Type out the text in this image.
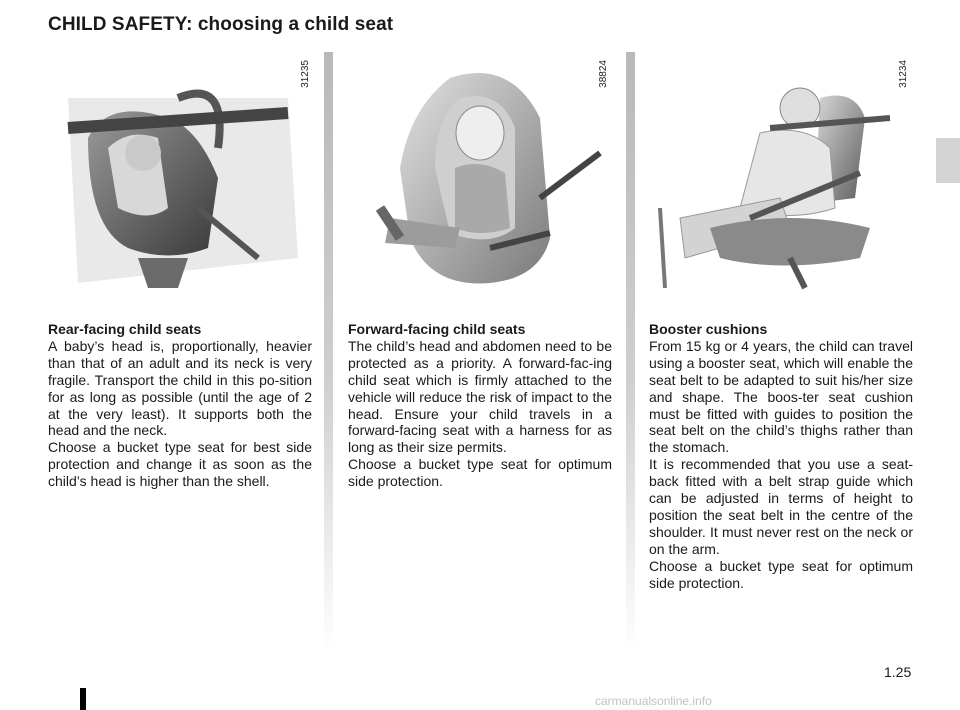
CHILD SAFETY: choosing a child seat
31235	38824	31234
Rear-facing child seats

A baby’s head is, proportionally, heavier than that of an adult and its neck is very fragile. Transport the child in this po-sition for as long as possible (until the age of 2 at the very least). It supports both the head and the neck.

Choose a bucket type seat for best side protection and change it as soon as the child’s head is higher than the shell.

Forward-facing child seats

The child’s head and abdomen need to be protected as a priority. A forward-fac-ing child seat which is firmly attached to the vehicle will reduce the risk of impact to the head. Ensure your child travels in a forward-facing seat with a harness for as long as their size permits.

Choose a bucket type seat for optimum side protection.

Booster cushions

From 15 kg or 4 years, the child can travel using a booster seat, which will enable the seat belt to be adapted to suit his/her size and shape. The boos-ter seat cushion must be fitted with guides to position the seat belt on the child’s thighs rather than the stomach.

It is recommended that you use a seat-back fitted with a belt strap guide which can be adjusted in terms of height to position the seat belt in the centre of the shoulder. It must never rest on the neck or on the arm.

Choose a bucket type seat for optimum side protection.

1.25
carmanualsonline.info
